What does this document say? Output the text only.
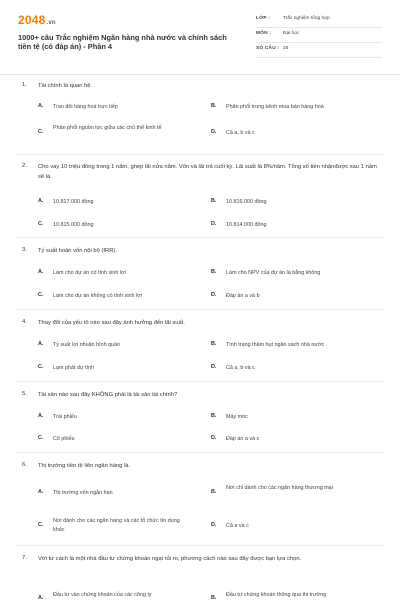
2048.vn
1000+ câu Trắc nghiệm Ngân hàng nhà nước và chính sách tiền tệ (có đáp án) - Phần 4
LỚP :	Trắc nghiệm tổng hợp
MÔN : Đại học
SỐ CÂU : 25
1. Tài chính là quan hệ.
A. Trao đổi hàng hoá trực tiếp	B. Phân phối trong kênh mua bán hàng hoá
C.
Phân phối nguồn lực giữa các chủ thể kinh tế
D. Cả a, b và c
2. Cho vay 10 triệu đồng trong 1 năm, ghép lãi nửa năm. Vốn và lãi trả cuối kỳ. Lãi suất là 8%/năm. Tổng số tiền nhậnđược sau 1 năm sẽ là.
A. 10.817.000 đồng	B. 10.816.000 đồng
C. 10.815.000 đồng	D. 10.814.000 đồng
3. Tỷ suất hoàn vốn nội bộ (IRR).
A. Làm cho dự án có tính sinh lợi	B. Làm cho NPV của dự án là bằng không
C. Làm cho dự án không có tính sinh lợi	D. Đáp án a và b
4. Thay đổi của yếu tố nào sau đây ảnh hưởng đến lãi suất.
A. Tỷ suất lợi nhuận bình quân	B. Tình trạng thâm hụt ngân sách nhà nước
C. Lạm phát dự tính	D. Cả a, b và c
5. Tài sản nào sau đây KHÔNG phải là tài sản tài chính?
A. Trái phiếu	B. Máy móc
C. Cổ phiếu	D. Đáp án a và c
6. Thị trường tiền tệ liên ngân hàng là.
A. Thị trường vốn ngắn hạn	B.
Nơi chỉ dành cho các ngân hàng thương mại
C.
Nơi dành cho các ngân hàng và các tổ chức tín dụng khác
D. Cả a và c
7. Với tư cách là một nhà đầu tư chứng khoán ngại rủi ro, phương cách nào sau đây được bạn lựa chọn.
A. Đầu tư vào chứng khoán của các công ty	B. Đầu tư chứng khoán thông qua thị trường
